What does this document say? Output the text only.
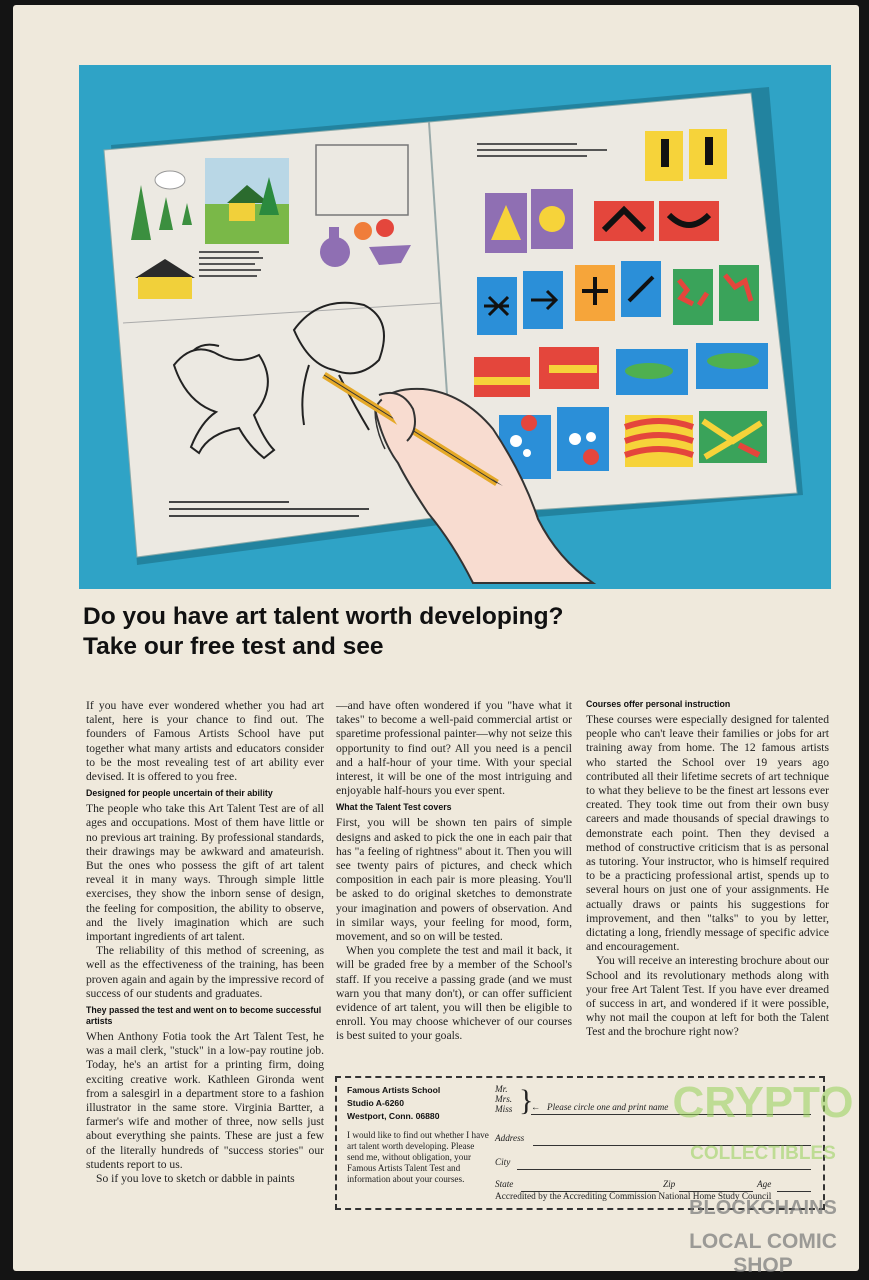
Do you have art talent worth developing?
Take our free test and see

If you have ever wondered whether you had art talent, here is your chance to find out. The founders of Famous Artists School have put together what many artists and educators consider to be the most revealing test of art ability ever devised. It is offered to you free.

Designed for people uncertain of their ability

The people who take this Art Talent Test are of all ages and occupations. Most of them have little or no previous art training. By professional standards, their drawings may be awkward and amateurish. But the ones who possess the gift of art talent reveal it in many ways. Through simple little exercises, they show the inborn sense of design, the feeling for composition, the ability to observe, and the lively imagination which are such important ingredients of art talent.

The reliability of this method of screening, as well as the effectiveness of the training, has been proven again and again by the impressive record of success of our students and graduates.

They passed the test and went on to become successful artists

When Anthony Fotia took the Art Talent Test, he was a mail clerk, "stuck" in a low-pay routine job. Today, he's an artist for a printing firm, doing exciting creative work. Kathleen Gironda went from a salesgirl in a department store to a fashion illustrator in the same store. Virginia Bartter, a farmer's wife and mother of three, now sells just about everything she paints. These are just a few of the literally hundreds of "success stories" our students report to us.

So if you love to sketch or dabble in paints

—and have often wondered if you "have what it takes" to become a well-paid commercial artist or sparetime professional painter—why not seize this opportunity to find out? All you need is a pencil and a half-hour of your time. With your special interest, it will be one of the most intriguing and enjoyable half-hours you ever spent.

What the Talent Test covers

First, you will be shown ten pairs of simple designs and asked to pick the one in each pair that has "a feeling of rightness" about it. Then you will see twenty pairs of pictures, and check which composition in each pair is more pleasing. You'll be asked to do original sketches to demonstrate your imagination and powers of observation. And in similar ways, your feeling for mood, form, movement, and so on will be tested.

When you complete the test and mail it back, it will be graded free by a member of the School's staff. If you receive a passing grade (and we must warn you that many don't), or can offer sufficient evidence of art talent, you will then be eligible to enroll. You may choose whichever of our courses is best suited to your goals.

Courses offer personal instruction

These courses were especially designed for talented people who can't leave their families or jobs for art training away from home. The 12 famous artists who started the School over 19 years ago contributed all their lifetime secrets of art technique to what they believe to be the finest art lessons ever created. They took time out from their own busy careers and made thousands of special drawings to demonstrate each point. Then they devised a method of constructive criticism that is as personal as tutoring. Your instructor, who is himself required to be a practicing professional artist, spends up to several hours on just one of your assignments. He actually draws or paints his suggestions for improvement, and then "talks" to you by letter, dictating a long, friendly message of specific advice and encouragement.

You will receive an interesting brochure about our School and its revolutionary methods along with your free Art Talent Test. If you have ever dreamed of success in art, and wondered if it were possible, why not mail the coupon at left for both the Talent Test and the brochure right now?

Famous Artists School
Studio A-6260
Westport, Conn. 06880
I would like to find out whether I have art talent worth developing. Please send me, without obligation, your Famous Artists Talent Test and information about your courses.
Mr.
Mrs.
Miss }
← Please circle one and print name
Address
City
State	Zip	Age
Accredited by the Accrediting Commission National Home Study Council
CRYPTO
COLLECTIBLES
BLOCKCHAINS
LOCAL COMIC SHOP
